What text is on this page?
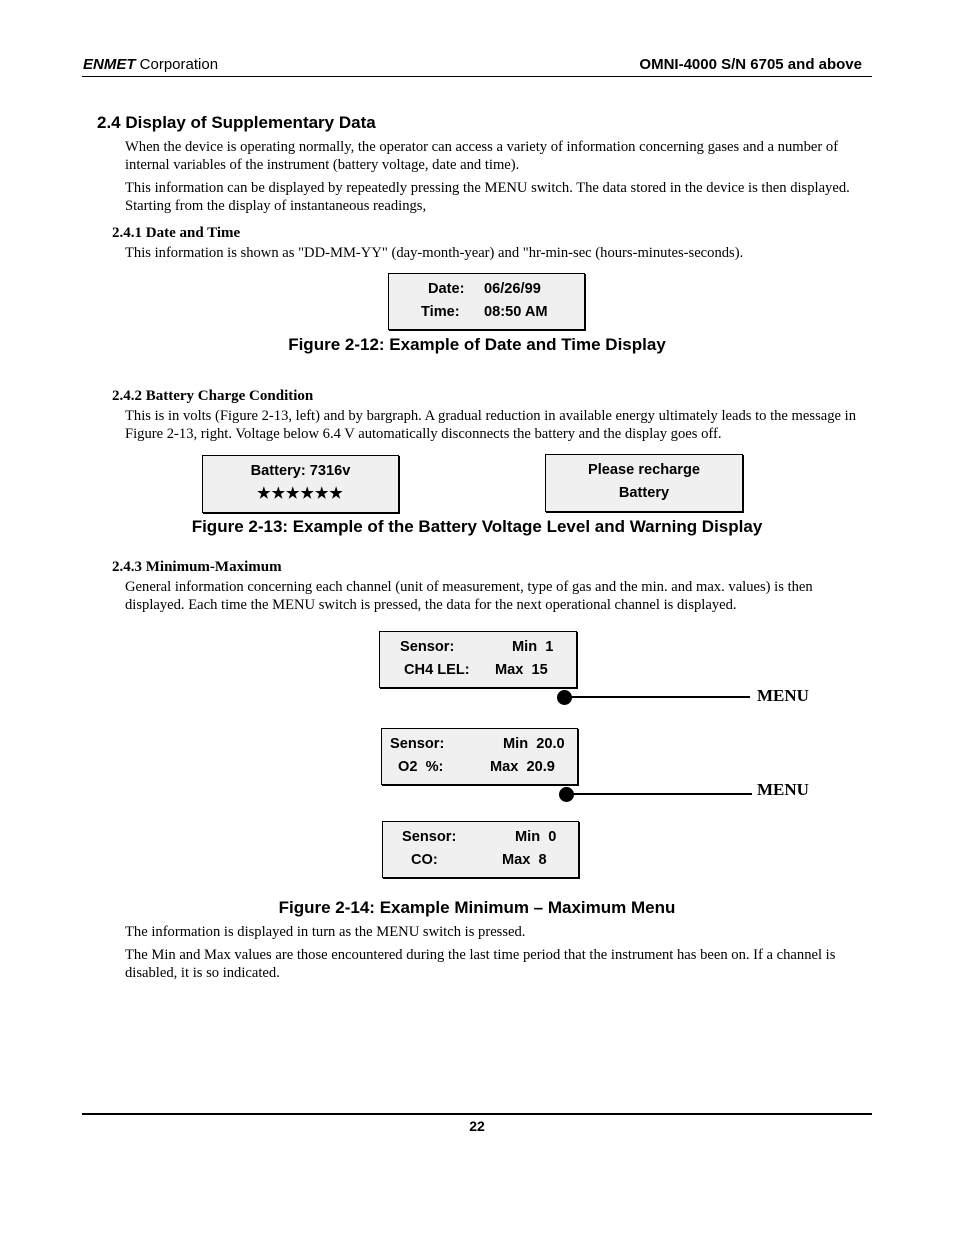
ENMET Corporation	OMNI-4000 S/N 6705 and above
2.4 Display of Supplementary Data
When the device is operating normally, the operator can access a variety of information concerning gases and a number of internal variables of the instrument (battery voltage, date and time).
This information can be displayed by repeatedly pressing the MENU switch. The data stored in the device is then displayed. Starting from the display of instantaneous readings,
2.4.1 Date and Time
This information is shown as "DD-MM-YY" (day-month-year) and "hr-min-sec (hours-minutes-seconds).
Date: 06/26/99
Time: 08:50 AM
Figure 2-12: Example of Date and Time Display
2.4.2 Battery Charge Condition
This is in volts (Figure 2-13, left) and by bargraph. A gradual reduction in available energy ultimately leads to the message in Figure 2-13, right. Voltage below 6.4 V automatically disconnects the battery and the display goes off.
Battery: 7316v
★★★★★★
Please recharge
Battery
Figure 2-13: Example of the Battery Voltage Level and Warning Display
2.4.3 Minimum-Maximum
General information concerning each channel (unit of measurement, type of gas and the min. and max. values) is then displayed. Each time the MENU switch is pressed, the data for the next operational channel is displayed.
Sensor:	Min  1
CH4 LEL: Max  15
MENU
Sensor:	Min  20.0
O2  %:	Max  20.9
MENU
Sensor:	Min  0
CO:	Max  8
Figure 2-14: Example Minimum – Maximum Menu
The information is displayed in turn as the MENU switch is pressed.
The Min and Max values are those encountered during the last time period that the instrument has been on. If a channel is disabled, it is so indicated.
22
